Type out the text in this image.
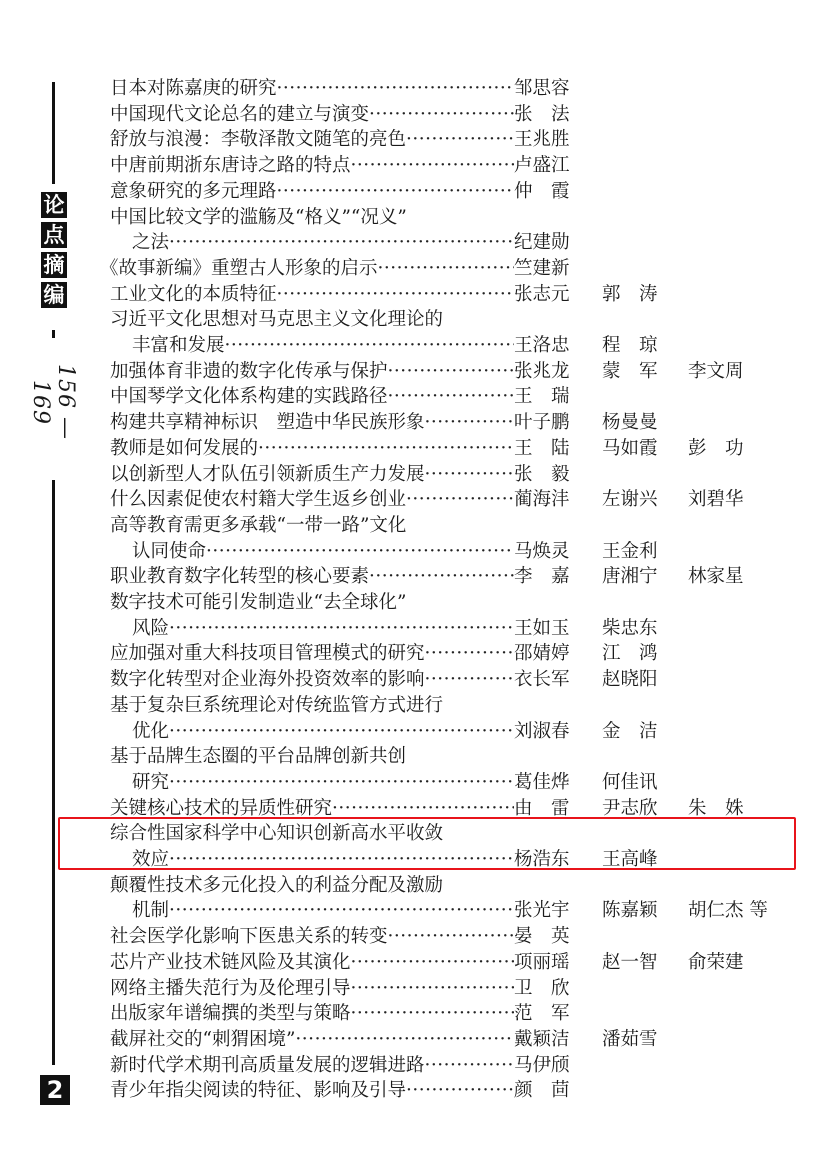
论
点
摘
编
156 — 169
2
日本对陈嘉庚的研究 ·····	邹思容
中国现代文论总名的建立与演变 ·····	张　法
舒放与浪漫：李敬泽散文随笔的亮色 ·····	王兆胜
中唐前期浙东唐诗之路的特点 ·····	卢盛江
意象研究的多元理路 ·····	仲　霞
中国比较文学的滥觞及“格义”“况义”
之法 ·····	纪建勋
《故事新编》重塑古人形象的启示 ·····	竺建新
工业文化的本质特征 ·····	张志元	郭　涛
习近平文化思想对马克思主义文化理论的
丰富和发展 ·····	王洛忠	程　琼
加强体育非遗的数字化传承与保护 ·····	张兆龙	蒙　军	李文周
中国琴学文化体系构建的实践路径 ·····	王　瑞
构建共享精神标识　塑造中华民族形象 ·····	叶子鹏	杨曼曼
教师是如何发展的 ·····	王　陆	马如霞	彭　功
以创新型人才队伍引领新质生产力发展 ·····	张　毅
什么因素促使农村籍大学生返乡创业 ·····	蔺海沣	左谢兴	刘碧华
高等教育需更多承载“一带一路”文化
认同使命 ·····	马焕灵	王金利
职业教育数字化转型的核心要素 ·····	李　嘉	唐湘宁	林家星
数字技术可能引发制造业“去全球化”
风险 ·····	王如玉	柴忠东
应加强对重大科技项目管理模式的研究 ·····	邵婧婷	江　鸿
数字化转型对企业海外投资效率的影响 ·····	衣长军	赵晓阳
基于复杂巨系统理论对传统监管方式进行
优化 ·····	刘淑春	金　洁
基于品牌生态圈的平台品牌创新共创
研究 ·····	葛佳烨	何佳讯
关键核心技术的异质性研究 ·····	由　雷	尹志欣	朱　姝
综合性国家科学中心知识创新高水平收敛
效应 ·····	杨浩东	王高峰
颠覆性技术多元化投入的利益分配及激励
机制 ·····	张光宇	陈嘉颖	胡仁杰 等
社会医学化影响下医患关系的转变 ·····	晏　英
芯片产业技术链风险及其演化 ·····	项丽瑶	赵一智	俞荣建
网络主播失范行为及伦理引导 ·····	卫　欣
出版家年谱编撰的类型与策略 ·····	范　军
截屏社交的“刺猬困境” ·····	戴颖洁	潘茹雪
新时代学术期刊高质量发展的逻辑进路 ·····	马伊颀
青少年指尖阅读的特征、影响及引导 ·····	颜　茴
